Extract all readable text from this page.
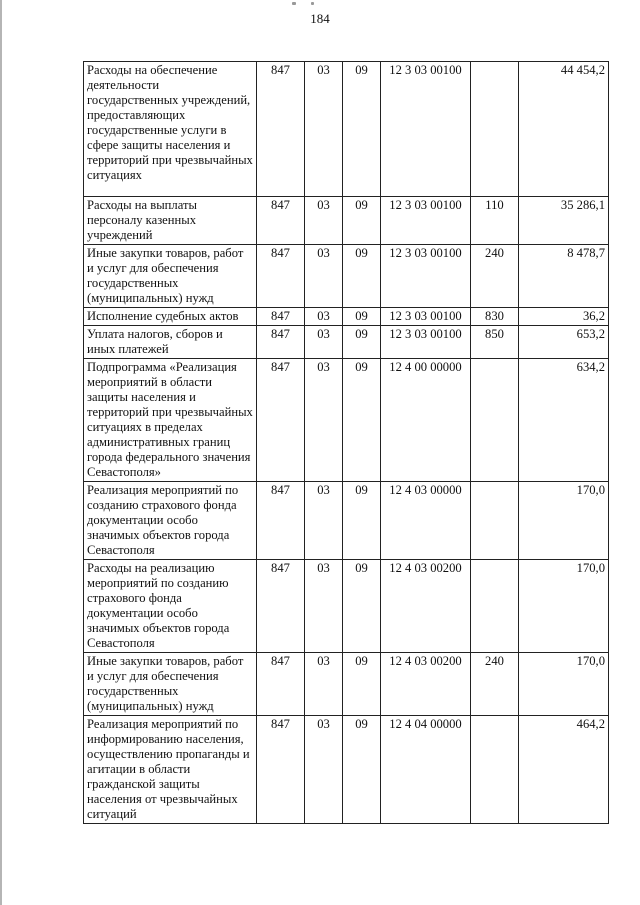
184
Расходы на обеспечение деятельности государственных учреждений, предоставляющих государственные услуги в сфере защиты населения и территорий при чрезвычайных ситуациях	847	03	09	12 3 03 00100		44 454,2
Расходы на выплаты персоналу казенных учреждений	847	03	09	12 3 03 00100	110	35 286,1
Иные закупки товаров, работ и услуг для обеспечения государственных (муниципальных) нужд	847	03	09	12 3 03 00100	240	8 478,7
Исполнение судебных актов	847	03	09	12 3 03 00100	830	36,2
Уплата налогов, сборов и иных платежей	847	03	09	12 3 03 00100	850	653,2
Подпрограмма «Реализация мероприятий в области защиты населения и территорий при чрезвычайных ситуациях в пределах административных границ города федерального значения Севастополя»	847	03	09	12 4 00 00000		634,2
Реализация мероприятий по созданию страхового фонда документации особо значимых объектов города Севастополя	847	03	09	12 4 03 00000		170,0
Расходы на реализацию мероприятий по созданию страхового фонда документации особо значимых объектов города Севастополя	847	03	09	12 4 03 00200		170,0
Иные закупки товаров, работ и услуг для обеспечения государственных (муниципальных) нужд	847	03	09	12 4 03 00200	240	170,0
Реализация мероприятий по информированию населения, осуществлению пропаганды и агитации в области гражданской защиты населения от чрезвычайных ситуаций	847	03	09	12 4 04 00000		464,2
